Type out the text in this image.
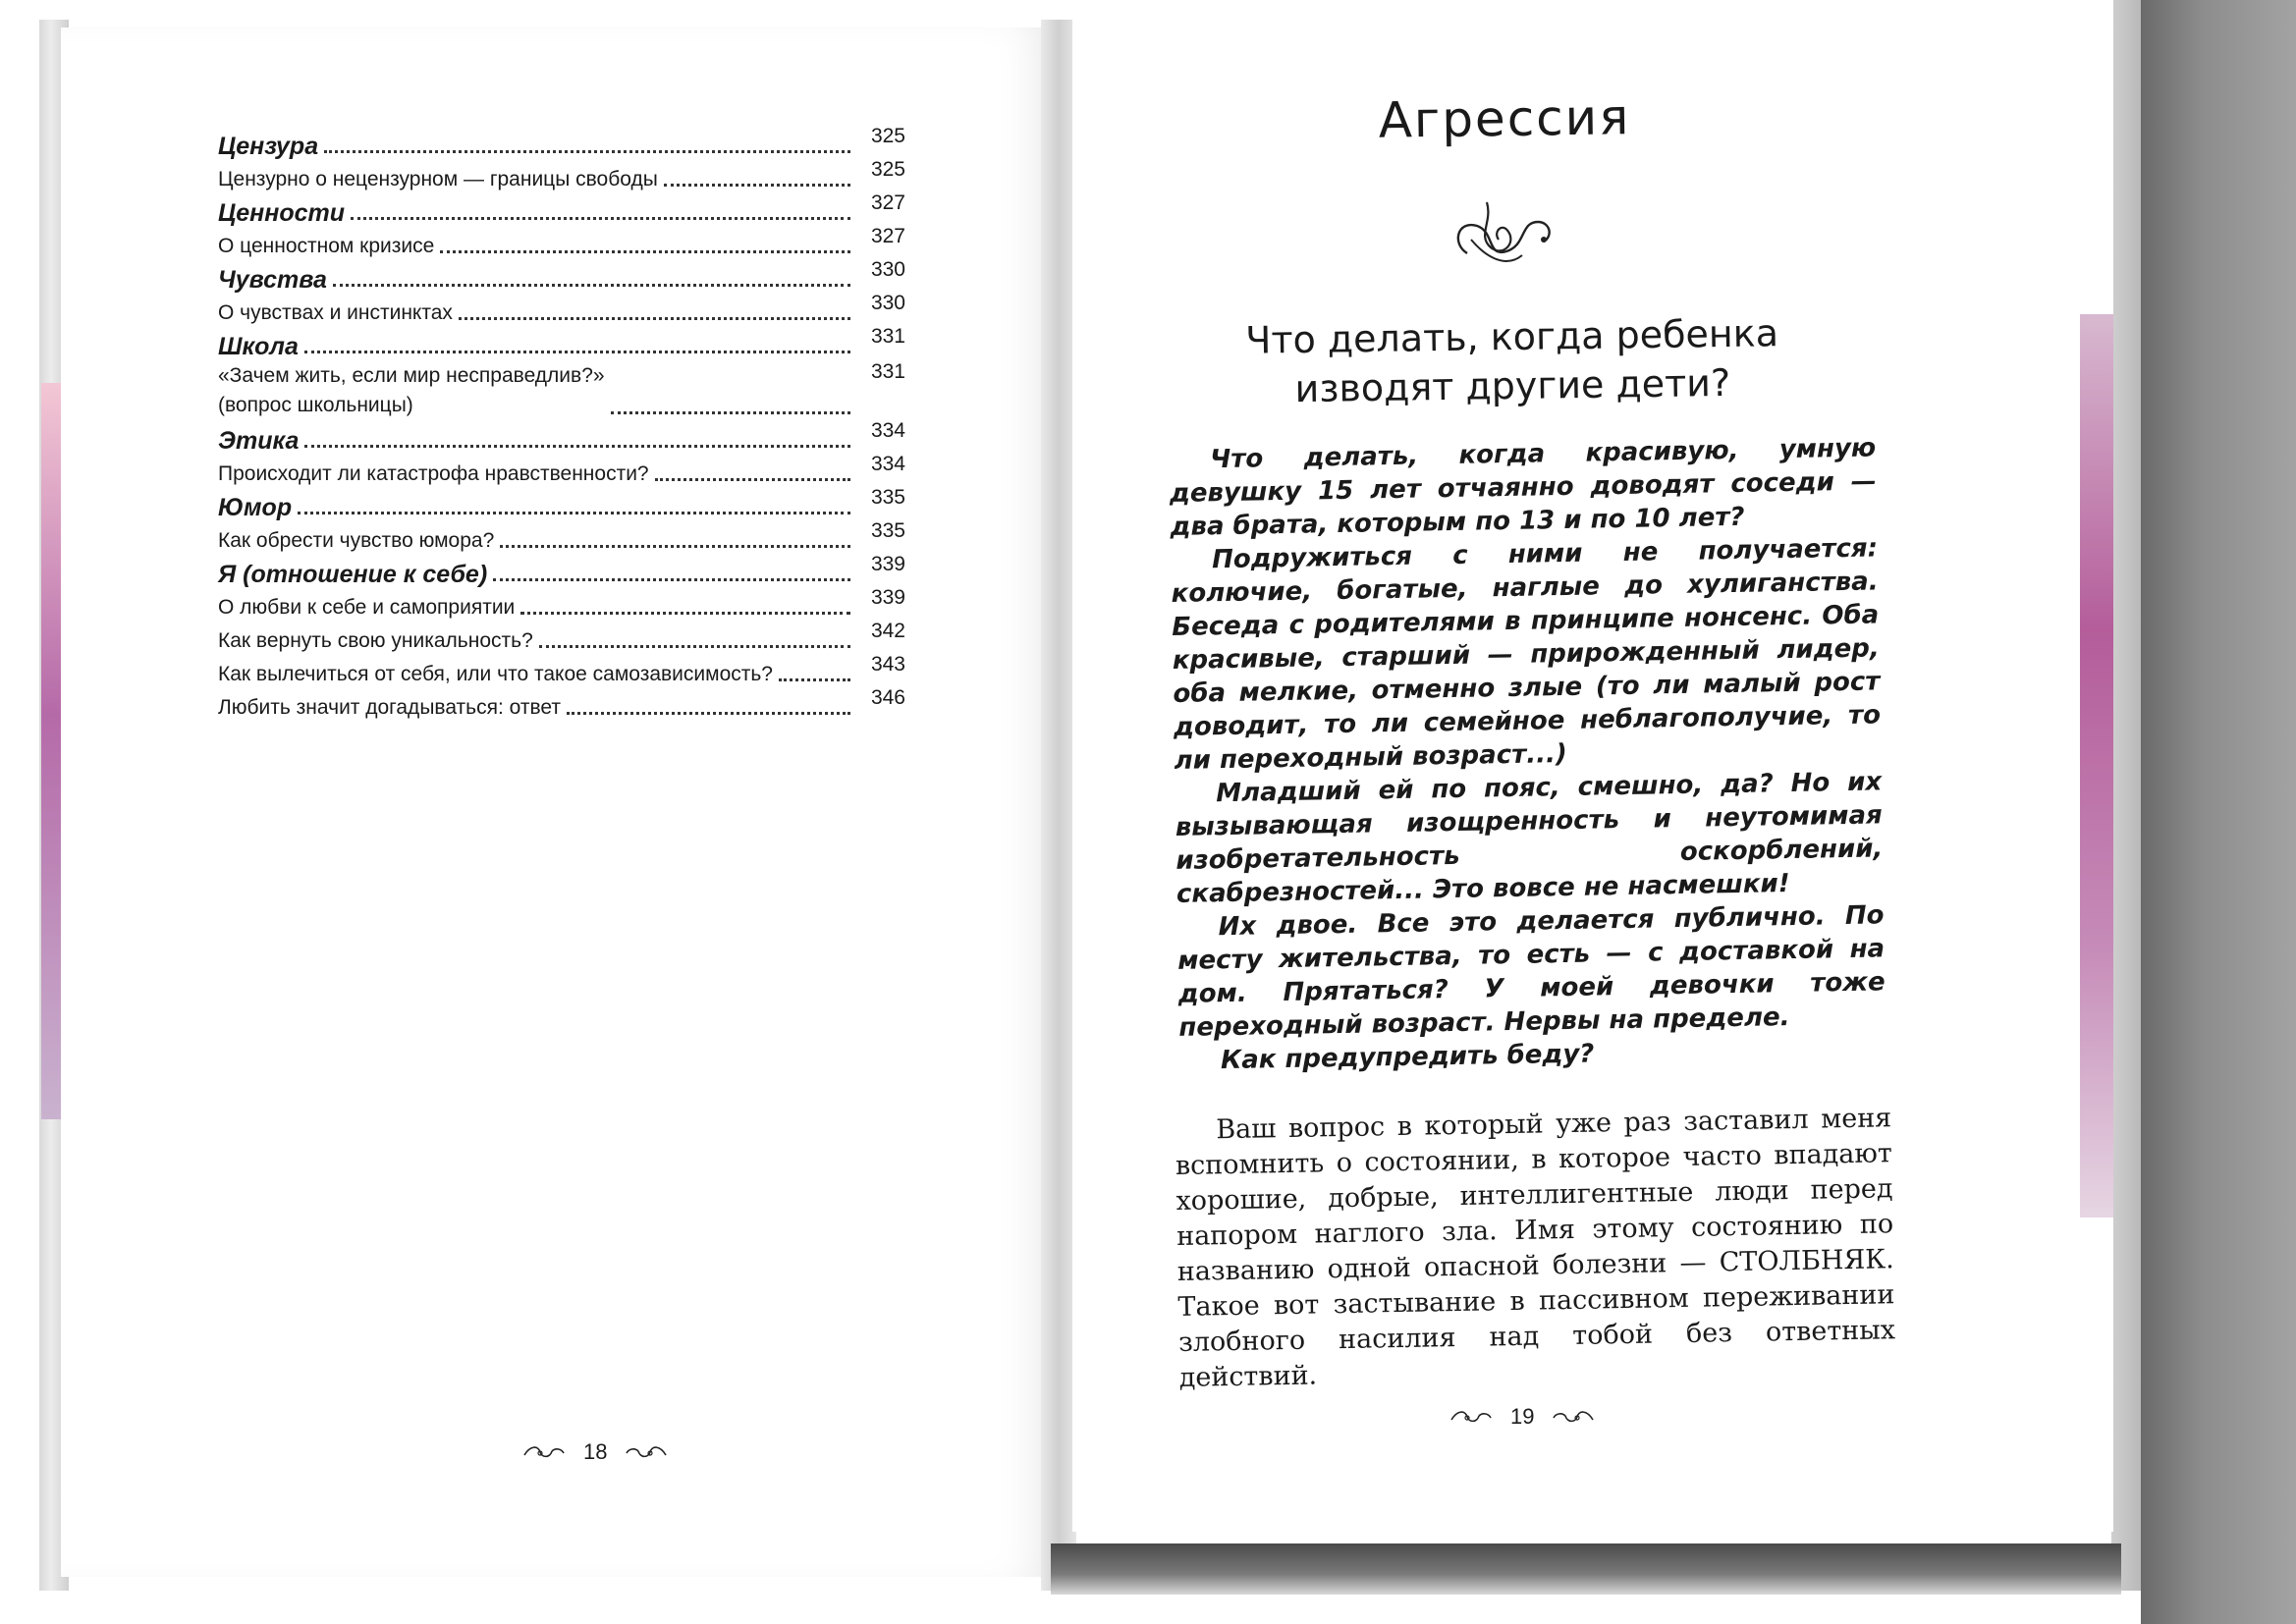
Цензура	325
Цензурно о нецензурном — границы свободы	325
Ценности	327
О ценностном кризисе	327
Чувства	330
О чувствах и инстинктах	330
Школа	331
«Зачем жить, если мир несправедлив?»
(вопрос школьницы)
331
Этика	334
Происходит ли катастрофа нравственности?	334
Юмор	335
Как обрести чувство юмора?	335
Я (отношение к себе)	339
О любви к себе и самоприятии	339
Как вернуть свою уникальность?	342
Как вылечиться от себя, или что такое самозависимость?	343
Любить значит догадываться: ответ	346
18
Агрессия
Что делать, когда ребенка
изводят другие дети?

Что делать, когда красивую, умную девушку 15 лет отчаянно доводят соседи — два брата, которым по 13 и по 10 лет?

Подружиться с ними не получается: колючие, богатые, наглые до хулиганства. Беседа с родителями в принципе нонсенс. Оба красивые, старший — прирожденный лидер, оба мелкие, отменно злые (то ли малый рост доводит, то ли семейное неблагополучие, то ли переходный возраст...)

Младший ей по пояс, смешно, да? Но их вызывающая изощренность и неутомимая изобретательность оскорблений, скабрезностей... Это вовсе не насмешки!

Их двое. Все это делается публично. По месту жительства, то есть — с доставкой на дом. Прятаться? У моей девочки тоже переходный возраст. Нервы на пределе.

Как предупредить беду?

Ваш вопрос в который уже раз заставил меня вспомнить о состоянии, в которое часто впадают хорошие, добрые, интеллигентные люди перед напором наглого зла. Имя этому состоянию по названию одной опасной болезни — СТОЛБНЯК. Такое вот застывание в пассивном переживании злобного насилия над тобой без ответных действий.

19
